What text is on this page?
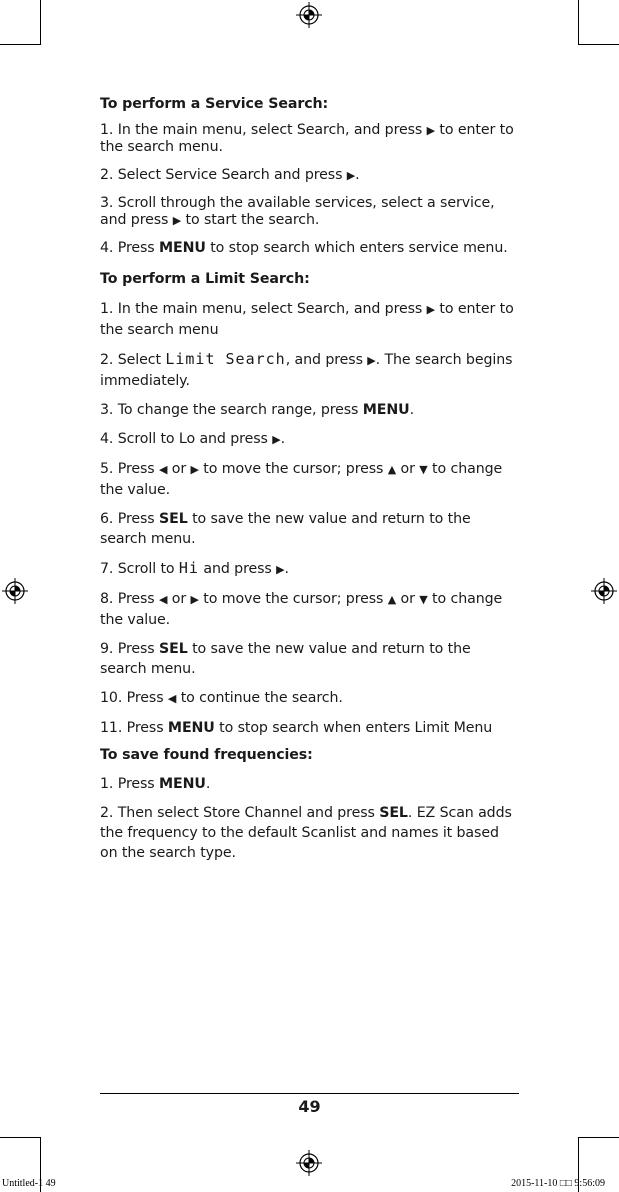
To perform a Service Search:
1. In the main menu, select Search, and press ▶ to enter to the search menu.
2. Select Service Search and press ▶.
3. Scroll through the available services, select a service, and press ▶ to start the search.
4. Press MENU to stop search which enters service menu.
To perform a Limit Search:
1. In the main menu, select Search, and press ▶ to enter to the search menu
2. Select Limit Search, and press ▶. The search begins immediately.
3. To change the search range, press MENU.
4. Scroll to Lo and press ▶.
5. Press ◀ or ▶ to move the cursor; press ▲ or ▼ to change the value.
6. Press SEL to save the new value and return to the search menu.
7. Scroll to Hi and press ▶.
8. Press ◀ or ▶ to move the cursor; press ▲ or ▼ to change the value.
9. Press SEL to save the new value and return to the search menu.
10. Press ◀ to continue the search.
11. Press MENU to stop search when enters Limit Menu
To save found frequencies:
1. Press MENU.
2. Then select Store Channel and press SEL. EZ Scan adds the frequency to the default Scanlist and names it based on the search type.
49
Untitled-1 49	2015-11-10 □□ 9:56:09
